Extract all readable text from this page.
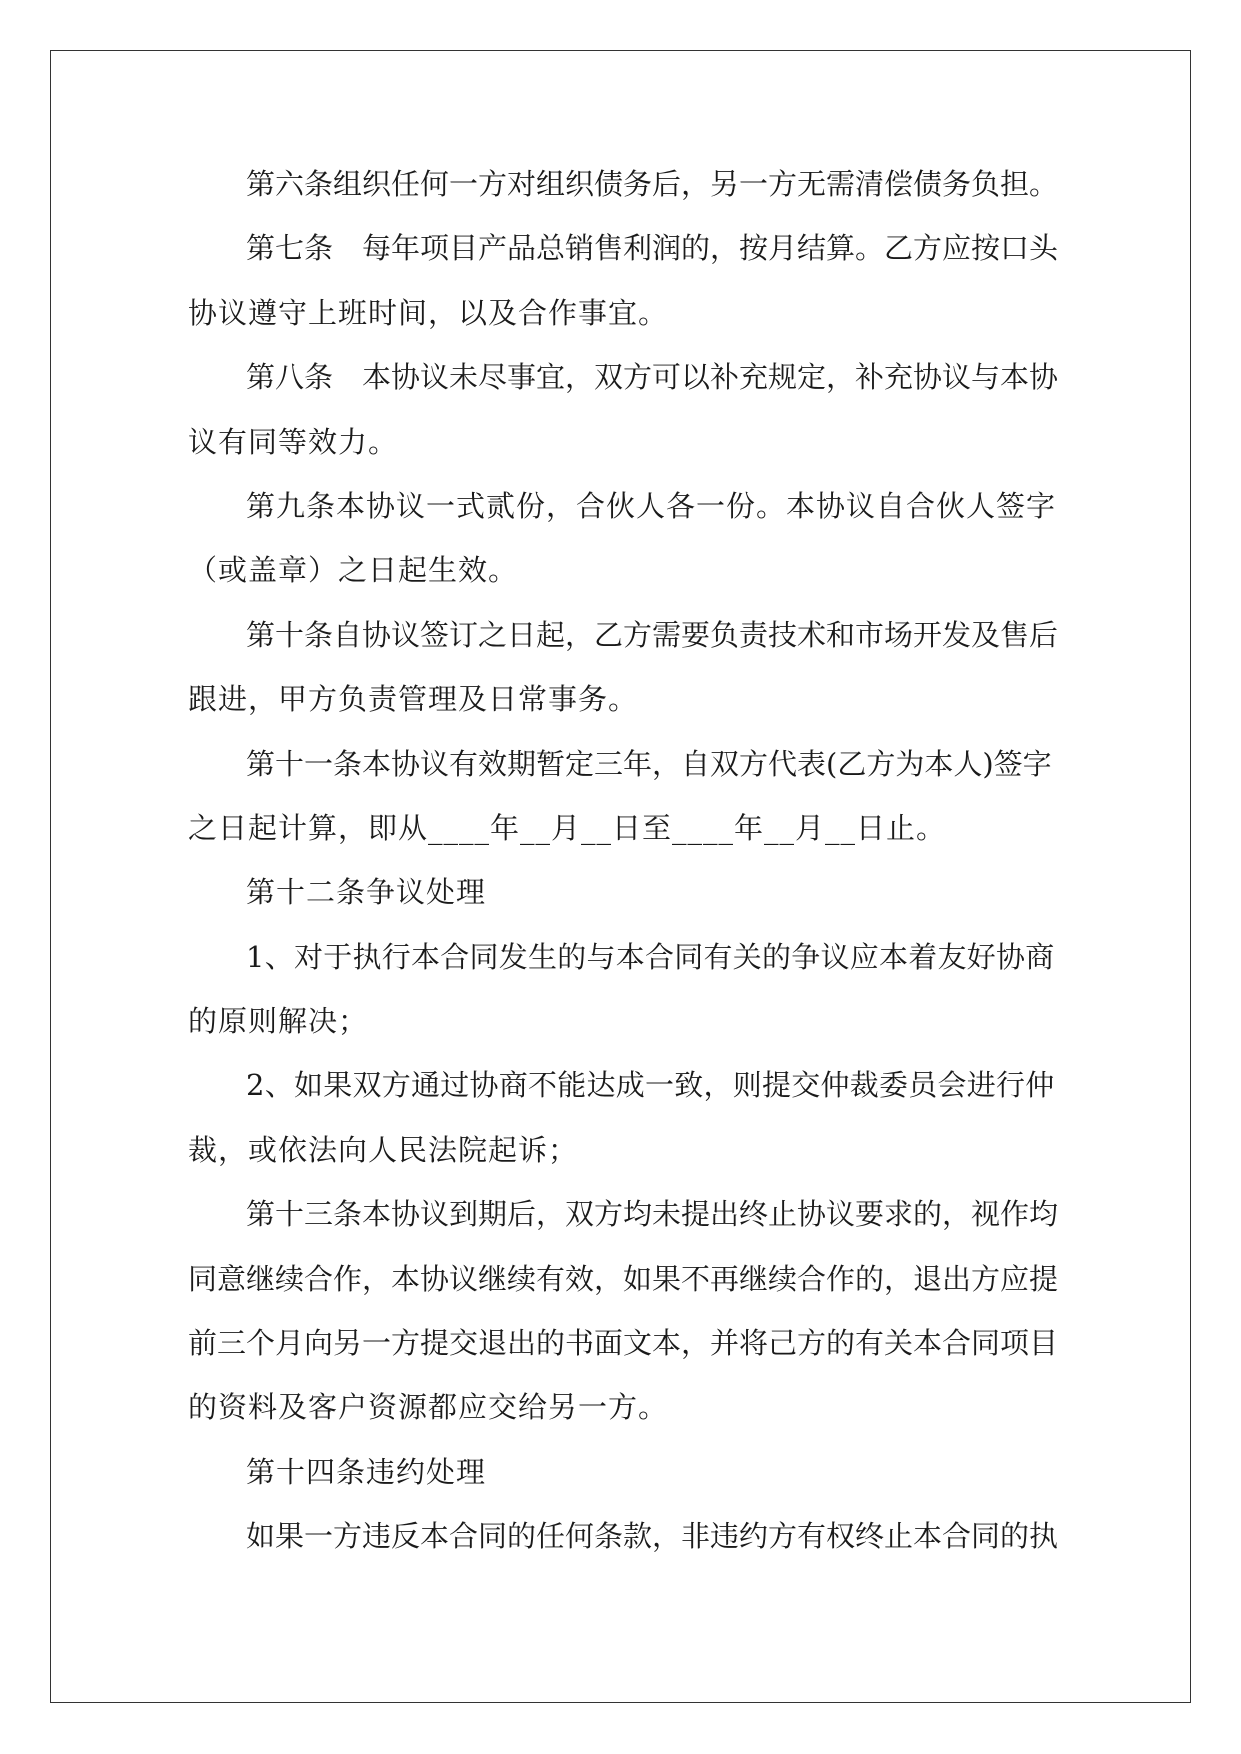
第六条组织任何一方对组织债务后，另一方无需清偿债务负担。
第七条　每年项目产品总销售利润的，按月结算。乙方应按口头
协议遵守上班时间，以及合作事宜。
第八条　本协议未尽事宜，双方可以补充规定，补充协议与本协
议有同等效力。
第九条本协议一式贰份，合伙人各一份。本协议自合伙人签字
（或盖章）之日起生效。
第十条自协议签订之日起，乙方需要负责技术和市场开发及售后
跟进，甲方负责管理及日常事务。
第十一条本协议有效期暂定三年，自双方代表(乙方为本人)签字
之日起计算，即从____年__月__日至____年__月__日止。
第十二条争议处理
1、对于执行本合同发生的与本合同有关的争议应本着友好协商
的原则解决；
2、如果双方通过协商不能达成一致，则提交仲裁委员会进行仲
裁，或依法向人民法院起诉；
第十三条本协议到期后，双方均未提出终止协议要求的，视作均
同意继续合作，本协议继续有效，如果不再继续合作的，退出方应提
前三个月向另一方提交退出的书面文本，并将己方的有关本合同项目
的资料及客户资源都应交给另一方。
第十四条违约处理
如果一方违反本合同的任何条款，非违约方有权终止本合同的执
